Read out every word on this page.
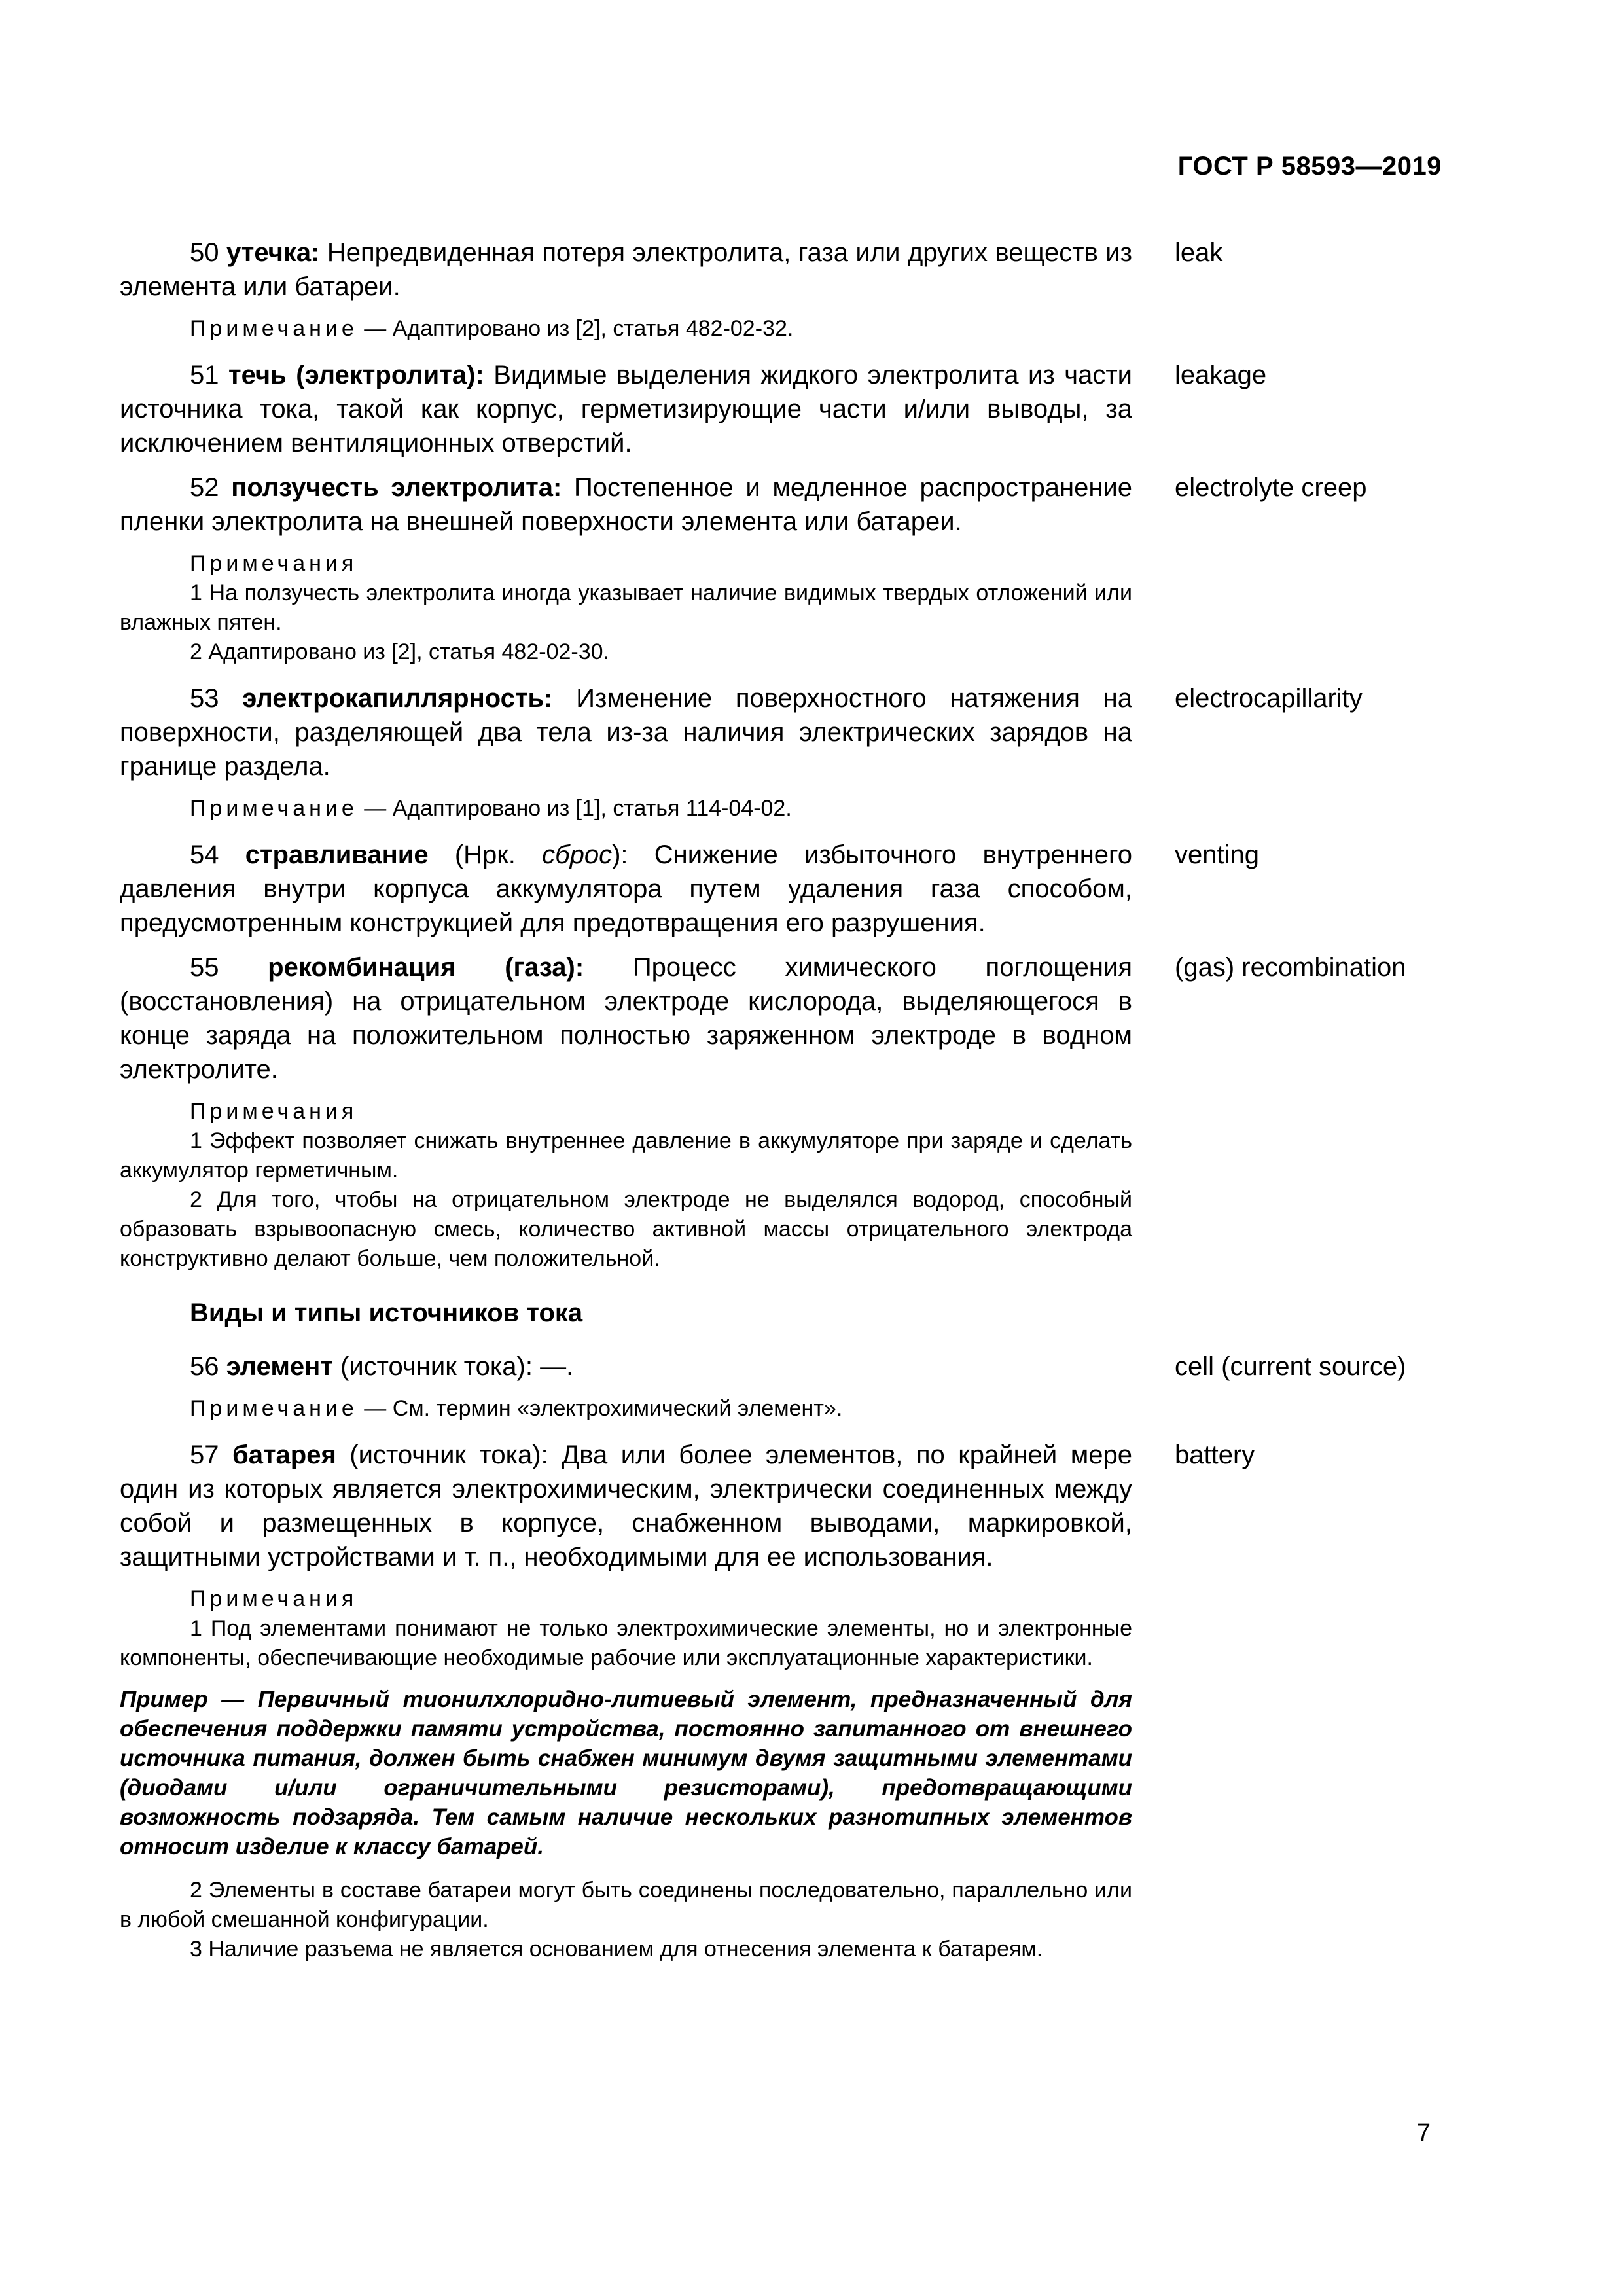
ГОСТ Р 58593—2019

50 утечка: Непредвиденная потеря электролита, газа или других веществ из элемента или батареи.

leak

Примечание — Адаптировано из [2], статья 482-02-32.

51 течь (электролита): Видимые выделения жидкого электролита из части источника тока, такой как корпус, герметизирующие части и/или выводы, за исключением вентиляционных отверстий.

leakage

52 ползучесть электролита: Постепенное и медленное распространение пленки электролита на внешней поверхности элемента или батареи.

electrolyte creep

Примечания

1 На ползучесть электролита иногда указывает наличие видимых твердых отложений или влажных пятен.

2 Адаптировано из [2], статья 482-02-30.

53 электрокапиллярность: Изменение поверхностного натяжения на поверхности, разделяющей два тела из-за наличия электрических зарядов на границе раздела.

electrocapillarity

Примечание — Адаптировано из [1], статья 114-04-02.

54 стравливание (Нрк. сброс): Снижение избыточного внутреннего давления внутри корпуса аккумулятора путем удаления газа способом, предусмотренным конструкцией для предотвращения его разрушения.

venting

55 рекомбинация (газа): Процесс химического поглощения (восстановления) на отрицательном электроде кислорода, выделяющегося в конце заряда на положительном полностью заряженном электроде в водном электролите.

(gas) recombination

Примечания

1 Эффект позволяет снижать внутреннее давление в аккумуляторе при заряде и сделать аккумулятор герметичным.

2 Для того, чтобы на отрицательном электроде не выделялся водород, способный образовать взрывоопасную смесь, количество активной массы отрицательного электрода конструктивно делают больше, чем положительной.

Виды и типы источников тока

56 элемент (источник тока): —.	cell (current source)

Примечание — См. термин «электрохимический элемент».

57 батарея (источник тока): Два или более элементов, по крайней мере один из которых является электрохимическим, электрически соединенных между собой и размещенных в корпусе, снабженном выводами, маркировкой, защитными устройствами и т. п., необходимыми для ее использования.

battery

Примечания

1 Под элементами понимают не только электрохимические элементы, но и электронные компоненты, обеспечивающие необходимые рабочие или эксплуатационные характеристики.

Пример — Первичный тионилхлоридно-литиевый элемент, предназначенный для обеспечения поддержки памяти устройства, постоянно запитанного от внешнего источника питания, должен быть снабжен минимум двумя защитными элементами (диодами и/или ограничительными резисторами), предотвращающими возможность подзаряда. Тем самым наличие нескольких разнотипных элементов относит изделие к классу батарей.

2 Элементы в составе батареи могут быть соединены последовательно, параллельно или в любой смешанной конфигурации.

3 Наличие разъема не является основанием для отнесения элемента к батареям.

7
